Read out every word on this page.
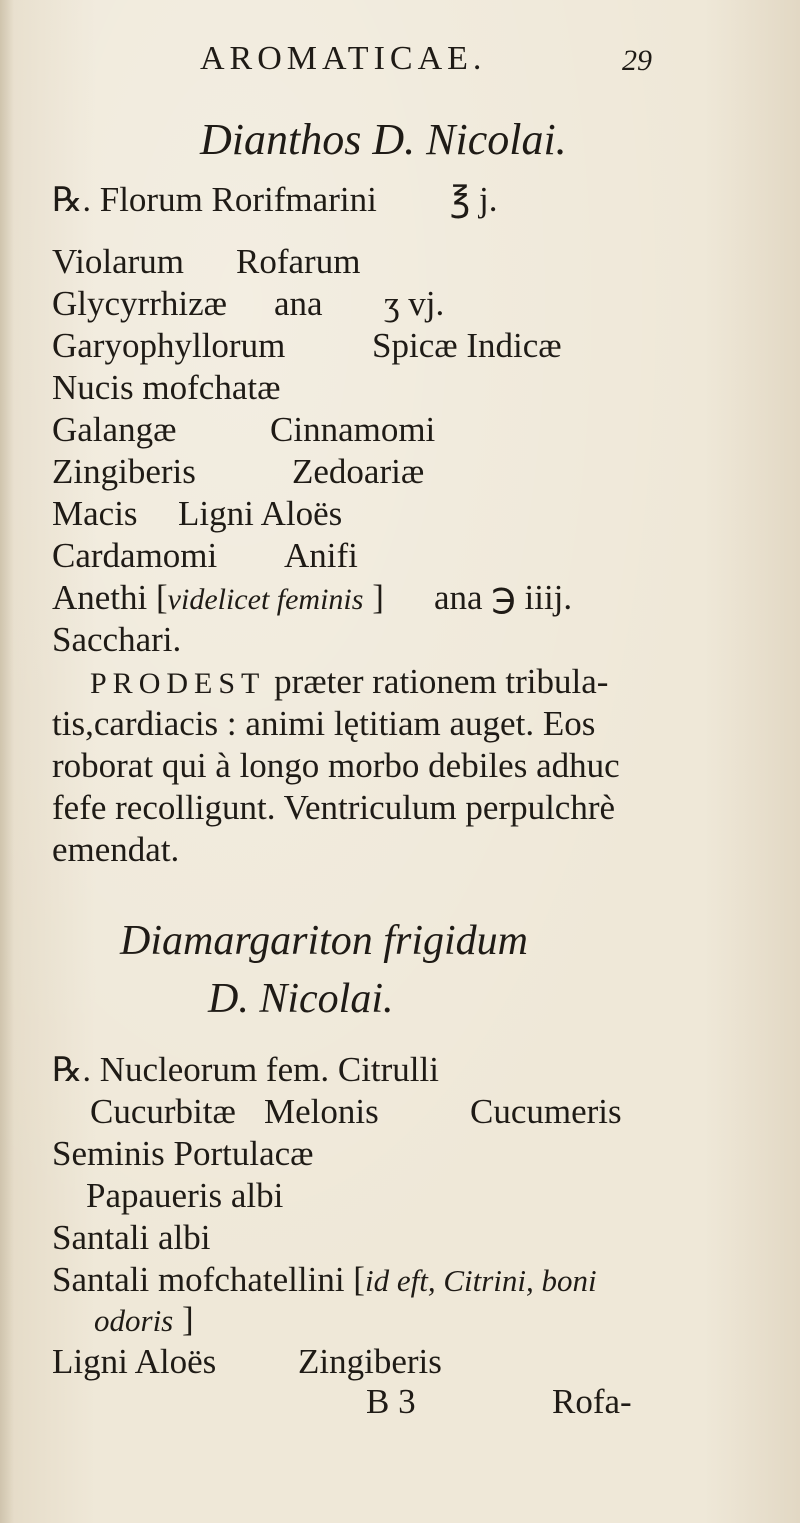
AROMATICAE.	29
Dianthos D. Nicolai.
℞. Florum Rorifmarini ℥ j.
Violarum Rofarum
Glycyrrhizæ ana ʒ vj.
Garyophyllorum Spicæ Indicæ
Nucis mofchatæ
Galangæ	Cinnamomi
Zingiberis	Zedoariæ
Macis Ligni Aloës
Cardamomi Anifi
Anethi [videlicet feminis ] ana ℈ iiij.
Sacchari.
PRODEST præter rationem tribula-
tis,cardiacis : animi lętitiam auget. Eos
roborat qui à longo morbo debiles adhuc
fefe recolligunt. Ventriculum perpulchrè
emendat.
Diamargariton frigidum
D. Nicolai.
℞. Nucleorum fem. Citrulli
Cucurbitæ Melonis	Cucumeris
Seminis Portulacæ
Papaueris albi
Santali albi
Santali mofchatellini [id eft, Citrini, boni
odoris ]
Ligni Aloës Zingiberis
B 3	Rofa-
